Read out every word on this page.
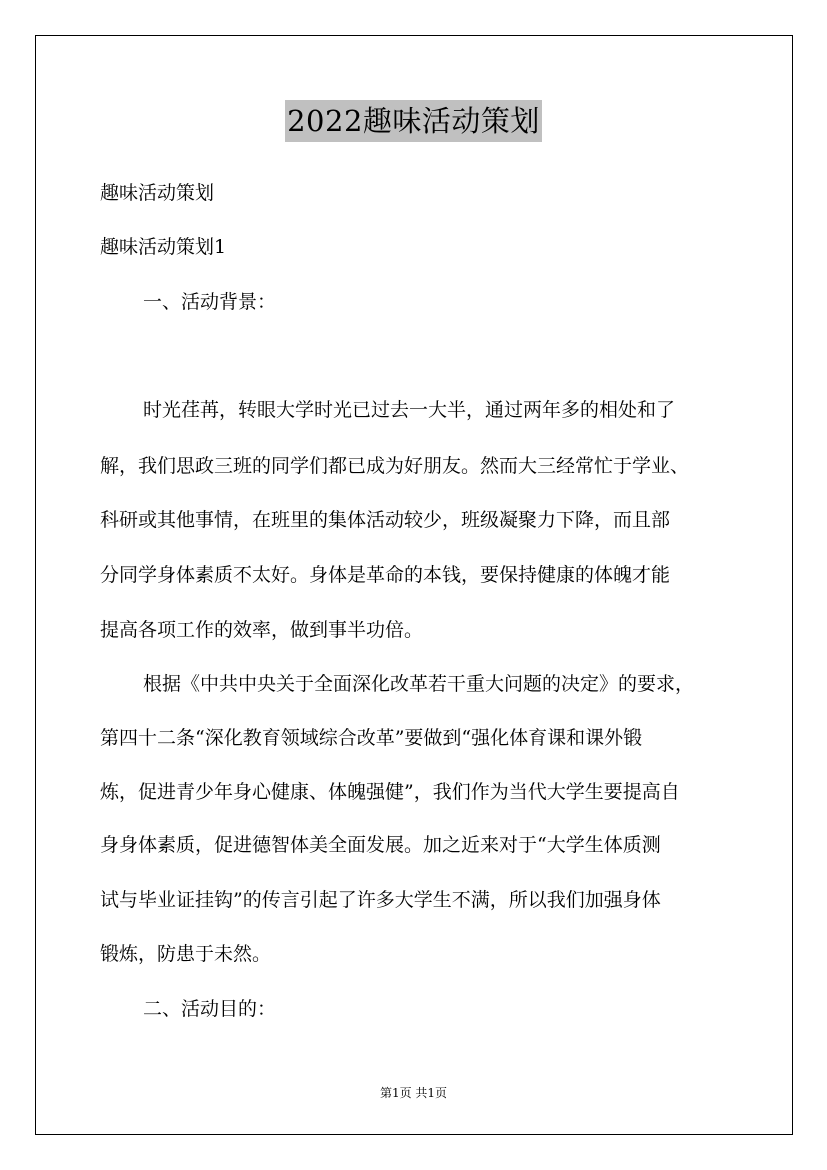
2022趣味活动策划
趣味活动策划
趣味活动策划1
一、活动背景：
时光荏苒，转眼大学时光已过去一大半，通过两年多的相处和了
解，我们思政三班的同学们都已成为好朋友。然而大三经常忙于学业、
科研或其他事情，在班里的集体活动较少，班级凝聚力下降，而且部
分同学身体素质不太好。身体是革命的本钱，要保持健康的体魄才能
提高各项工作的效率，做到事半功倍。
根据《中共中央关于全面深化改革若干重大问题的决定》的要求，
第四十二条“深化教育领域综合改革”要做到“强化体育课和课外锻
炼，促进青少年身心健康、体魄强健”，我们作为当代大学生要提高自
身身体素质，促进德智体美全面发展。加之近来对于“大学生体质测
试与毕业证挂钩”的传言引起了许多大学生不满，所以我们加强身体
锻炼，防患于未然。
二、活动目的：
第1页 共1页
